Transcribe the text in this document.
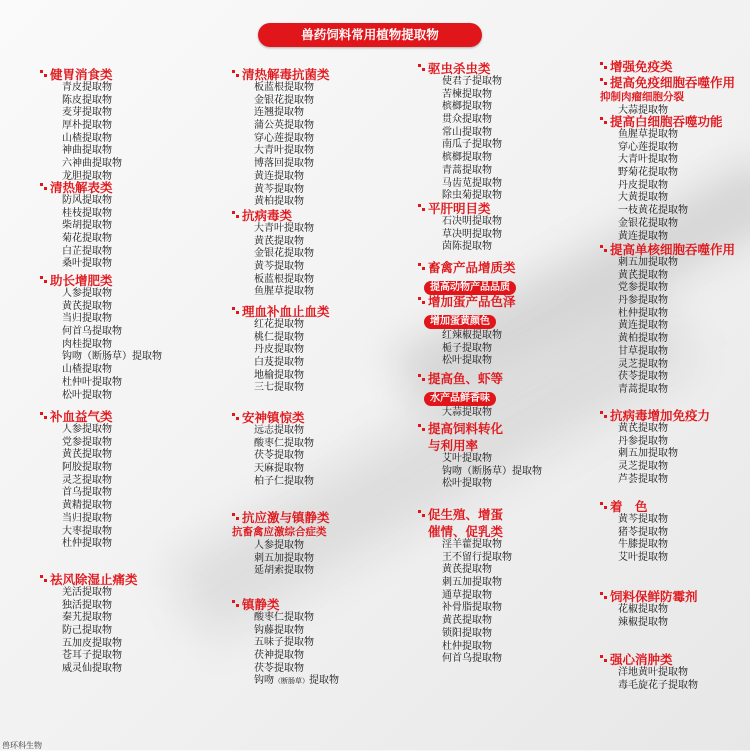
兽药饲料常用植物提取物
健胃消食类
青皮提取物
陈皮提取物
麦芽提取物
厚朴提取物
山楂提取物
神曲提取物
六神曲提取物
龙胆提取物
清热解表类
防风提取物
桂枝提取物
柴胡提取物
菊花提取物
白芷提取物
桑叶提取物
助长增肥类
人参提取物
黄芪提取物
当归提取物
何首乌提取物
肉桂提取物
钩吻（断肠草）提取物
山楂提取物
杜仲叶提取物
松叶提取物
补血益气类
人参提取物
党参提取物
黄芪提取物
阿胶提取物
灵芝提取物
首乌提取物
黄精提取物
当归提取物
大枣提取物
杜仲提取物
祛风除湿止痛类
羌活提取物
独活提取物
秦艽提取物
防己提取物
五加皮提取物
苍耳子提取物
威灵仙提取物
清热解毒抗菌类
板蓝根提取物
金银花提取物
连翘提取物
蒲公英提取物
穿心莲提取物
大青叶提取物
博落回提取物
黄连提取物
黄芩提取物
黄柏提取物
抗病毒类
大青叶提取物
黄芪提取物
金银花提取物
黄芩提取物
板蓝根提取物
鱼腥草提取物
理血补血止血类
红花提取物
桃仁提取物
丹皮提取物
白芨提取物
地榆提取物
三七提取物
安神镇惊类
远志提取物
酸枣仁提取物
茯苓提取物
天麻提取物
柏子仁提取物
抗应激与镇静类
抗畜禽应激综合症类
人参提取物
刺五加提取物
延胡索提取物
镇静类
酸枣仁提取物
钩藤提取物
五味子提取物
茯神提取物
茯苓提取物
钩吻（断肠草）提取物
驱虫杀虫类
使君子提取物
苦楝提取物
槟榔提取物
贯众提取物
常山提取物
南瓜子提取物
槟榔提取物
青蒿提取物
马齿苋提取物
除虫菊提取物
平肝明目类
石决明提取物
草决明提取物
茵陈提取物
畜禽产品增质类
提高动物产品品质
增加蛋产品色泽
增加蛋黄颜色
红辣椒提取物
栀子提取物
松叶提取物
提高鱼、虾等
水产品鲜香味
大蒜提取物
提高饲料转化
与利用率
艾叶提取物
钩吻（断肠草）提取物
松叶提取物
促生殖、增蛋
催情、促乳类
淫羊藿提取物
王不留行提取物
黄芪提取物
刺五加提取物
通草提取物
补骨脂提取物
黄芪提取物
锁阳提取物
杜仲提取物
何首乌提取物
增强免疫类
提高免疫细胞吞噬作用
抑制肉瘤细胞分裂
大蒜提取物
提高白细胞吞噬功能
鱼腥草提取物
穿心莲提取物
大青叶提取物
野菊花提取物
丹皮提取物
大黄提取物
一枝黄花提取物
金银花提取物
黄连提取物
提高单核细胞吞噬作用
刺五加提取物
黄芪提取物
党参提取物
丹参提取物
杜仲提取物
黄连提取物
黄柏提取物
甘草提取物
灵芝提取物
茯苓提取物
青蒿提取物
抗病毒增加免疫力
黄芪提取物
丹参提取物
刺五加提取物
灵芝提取物
芦荟提取物
着　色
黄芩提取物
猪苓提取物
牛膝提取物
艾叶提取物
饲料保鲜防霉剂
花椒提取物
辣椒提取物
强心消肿类
洋地黄叶提取物
毒毛旋花子提取物
兽环科生物
